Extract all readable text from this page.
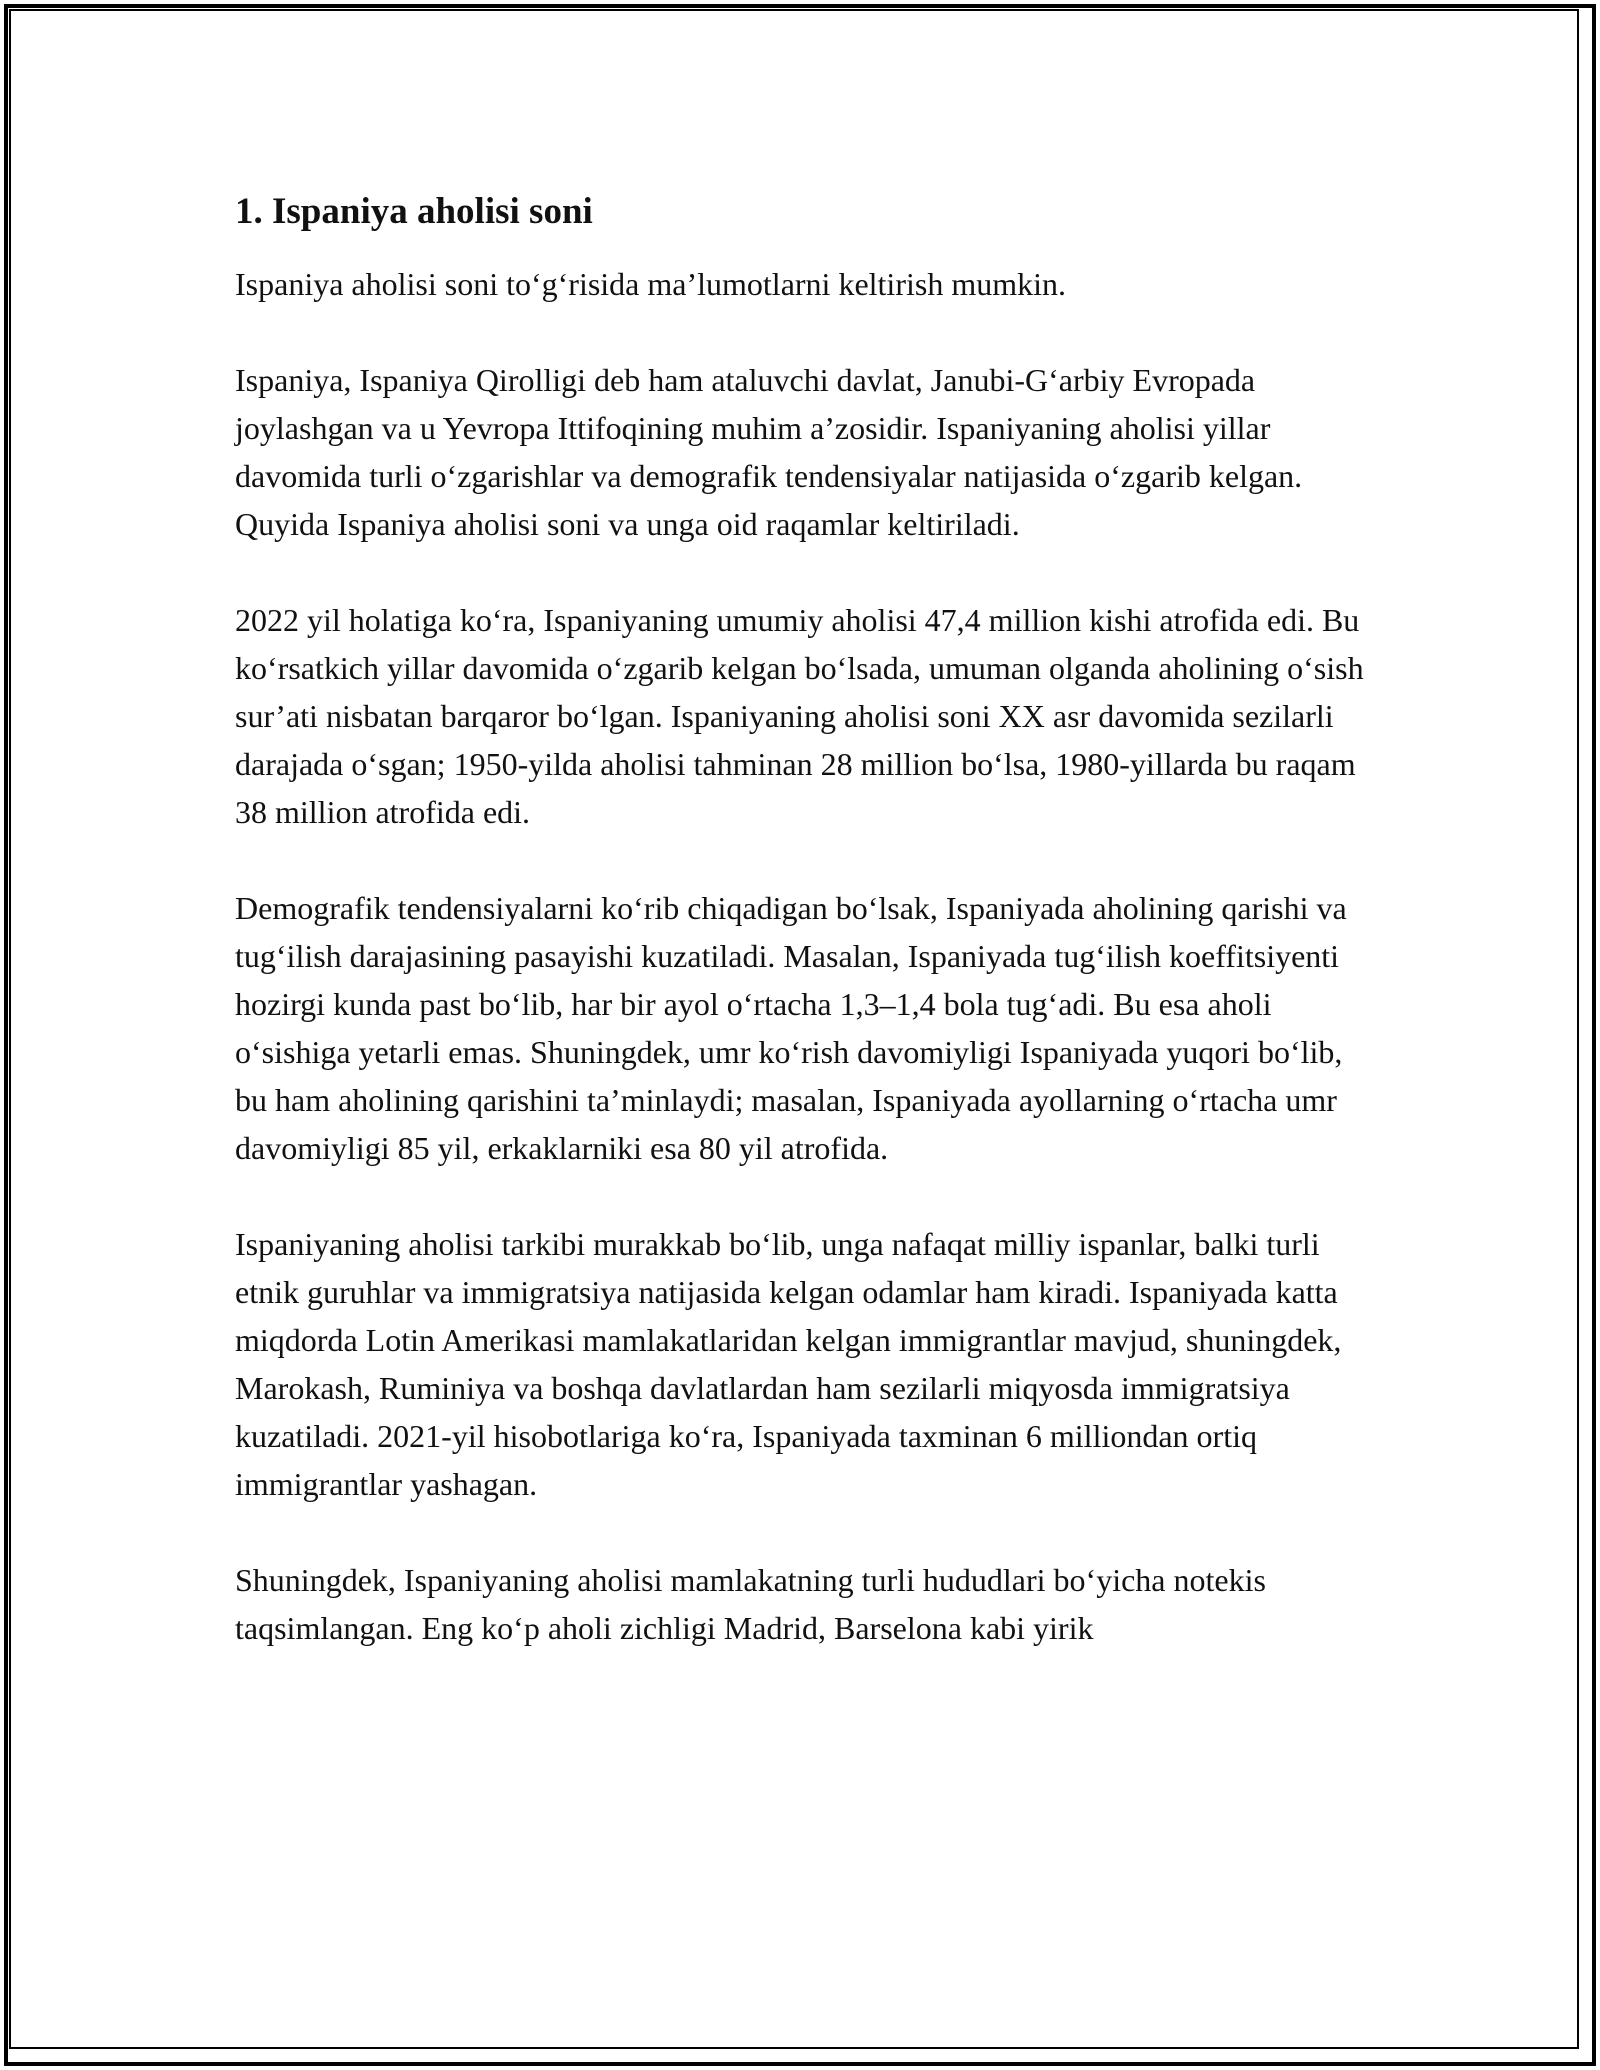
1. Ispaniya aholisi soni

Ispaniya aholisi soni to‘g‘risida ma’lumotlarni keltirish mumkin.

Ispaniya, Ispaniya Qirolligi deb ham ataluvchi davlat, Janubi-G‘arbiy Evropada joylashgan va u Yevropa Ittifoqining muhim a’zosidir. Ispaniyaning aholisi yillar davomida turli o‘zgarishlar va demografik tendensiyalar natijasida o‘zgarib kelgan. Quyida Ispaniya aholisi soni va unga oid raqamlar keltiriladi.

2022 yil holatiga ko‘ra, Ispaniyaning umumiy aholisi 47,4 million kishi atrofida edi. Bu ko‘rsatkich yillar davomida o‘zgarib kelgan bo‘lsada, umuman olganda aholining o‘sish sur’ati nisbatan barqaror bo‘lgan. Ispaniyaning aholisi soni XX asr davomida sezilarli darajada o‘sgan; 1950-yilda aholisi tahminan 28 million bo‘lsa, 1980-yillarda bu raqam 38 million atrofida edi.

Demografik tendensiyalarni ko‘rib chiqadigan bo‘lsak, Ispaniyada aholining qarishi va tug‘ilish darajasining pasayishi kuzatiladi. Masalan, Ispaniyada tug‘ilish koeffitsiyenti hozirgi kunda past bo‘lib, har bir ayol o‘rtacha 1,3–1,4 bola tug‘adi. Bu esa aholi o‘sishiga yetarli emas. Shuningdek, umr ko‘rish davomiyligi Ispaniyada yuqori bo‘lib, bu ham aholining qarishini ta’minlaydi; masalan, Ispaniyada ayollarning o‘rtacha umr davomiyligi 85 yil, erkaklarniki esa 80 yil atrofida.

Ispaniyaning aholisi tarkibi murakkab bo‘lib, unga nafaqat milliy ispanlar, balki turli etnik guruhlar va immigratsiya natijasida kelgan odamlar ham kiradi. Ispaniyada katta miqdorda Lotin Amerikasi mamlakatlaridan kelgan immigrantlar mavjud, shuningdek, Marokash, Ruminiya va boshqa davlatlardan ham sezilarli miqyosda immigratsiya kuzatiladi. 2021-yil hisobotlariga ko‘ra, Ispaniyada taxminan 6 milliondan ortiq immigrantlar yashagan.

Shuningdek, Ispaniyaning aholisi mamlakatning turli hududlari bo‘yicha notekis taqsimlangan. Eng ko‘p aholi zichligi Madrid, Barselona kabi yirik
